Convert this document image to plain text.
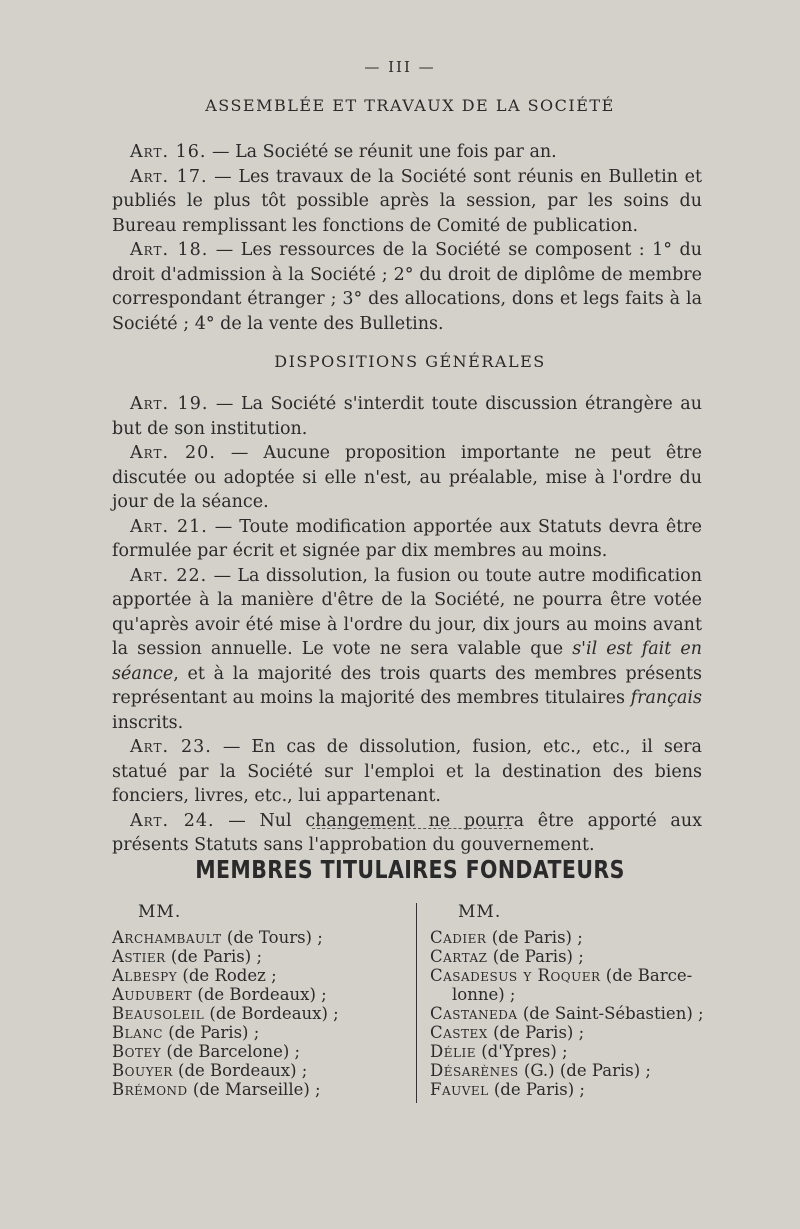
— III —
ASSEMBLÉE ET TRAVAUX DE LA SOCIÉTÉ

Art. 16. — La Société se réunit une fois par an.

Art. 17. — Les travaux de la Société sont réunis en Bulletin et publiés le plus tôt possible après la session, par les soins du Bureau remplissant les fonctions de Comité de publication.

Art. 18. — Les ressources de la Société se composent : 1° du droit d'admission à la Société ; 2° du droit de diplôme de membre correspondant étranger ; 3° des allocations, dons et legs faits à la Société ; 4° de la vente des Bulletins.

DISPOSITIONS GÉNÉRALES

Art. 19. — La Société s'interdit toute discussion étrangère au but de son institution.

Art. 20. — Aucune proposition importante ne peut être discutée ou adoptée si elle n'est, au préalable, mise à l'ordre du jour de la séance.

Art. 21. — Toute modification apportée aux Statuts devra être formulée par écrit et signée par dix membres au moins.

Art. 22. — La dissolution, la fusion ou toute autre modification apportée à la manière d'être de la Société, ne pourra être votée qu'après avoir été mise à l'ordre du jour, dix jours au moins avant la session annuelle. Le vote ne sera valable que s'il est fait en séance, et à la majorité des trois quarts des membres présents représentant au moins la majorité des membres titulaires français inscrits.

Art. 23. — En cas de dissolution, fusion, etc., etc., il sera statué par la Société sur l'emploi et la destination des biens fonciers, livres, etc., lui appartenant.

Art. 24. — Nul changement ne pourra être apporté aux présents Statuts sans l'approbation du gouvernement.

MEMBRES TITULAIRES FONDATEURS
MM.

Archambault (de Tours) ;

Astier (de Paris) ;

Albespy (de Rodez ;

Audubert (de Bordeaux) ;

Beausoleil (de Bordeaux) ;

Blanc (de Paris) ;

Botey (de Barcelone) ;

Bouyer (de Bordeaux) ;

Brémond (de Marseille) ;

MM.

Cadier (de Paris) ;

Cartaz (de Paris) ;

Casadesus y Roquer (de Barce-

lonne) ;

Castaneda (de Saint-Sébastien) ;

Castex (de Paris) ;

Délie (d'Ypres) ;

Désarènes (G.) (de Paris) ;

Fauvel (de Paris) ;
